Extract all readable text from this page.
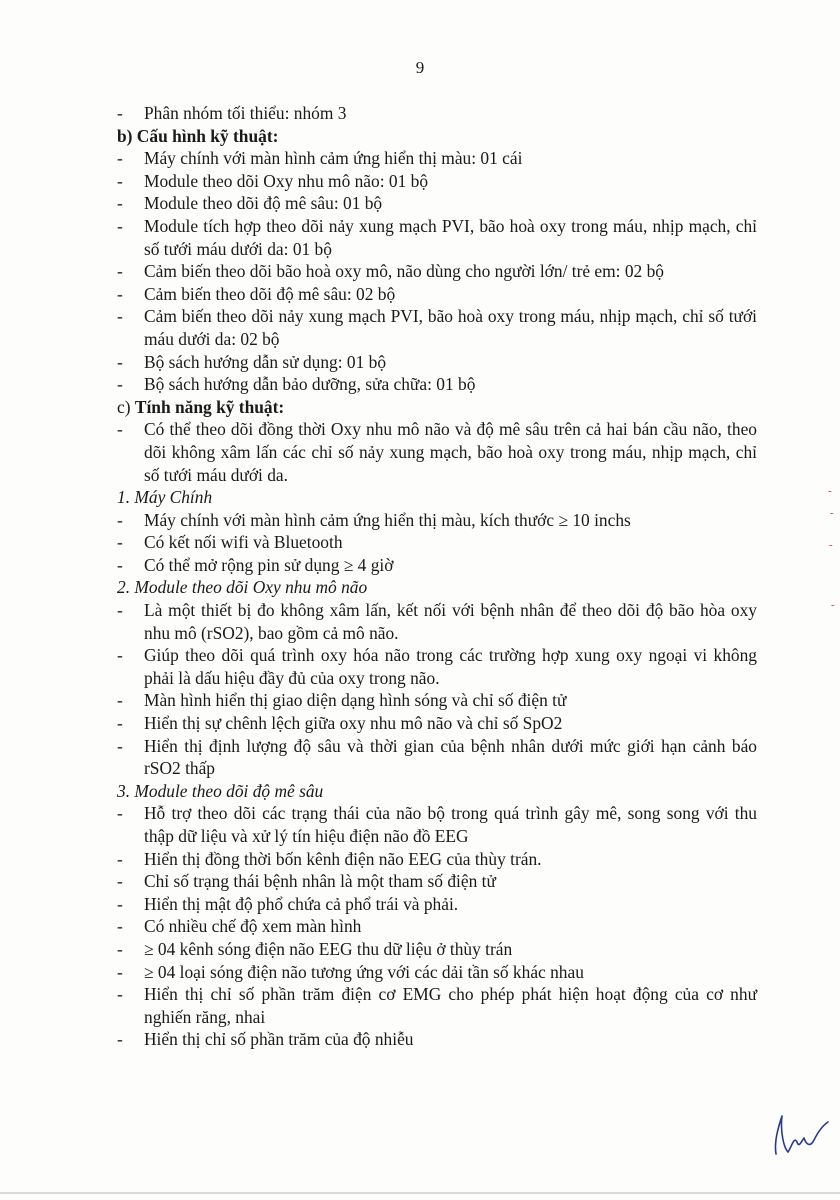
9
-	Phân nhóm tối thiểu: nhóm 3
b) Cấu hình kỹ thuật:
-	Máy chính với màn hình cảm ứng hiển thị màu: 01 cái
-	Module theo dõi Oxy nhu mô não: 01 bộ
-	Module theo dõi độ mê sâu: 01 bộ
-	Module tích hợp theo dõi nảy xung mạch PVI, bão hoà oxy trong máu, nhịp mạch, chỉ số tưới máu dưới da: 01 bộ
-	Cảm biến theo dõi bão hoà oxy mô, não dùng cho người lớn/ trẻ em: 02 bộ
-	Cảm biến theo dõi độ mê sâu: 02 bộ
-	Cảm biến theo dõi nảy xung mạch PVI, bão hoà oxy trong máu, nhịp mạch, chỉ số tưới máu dưới da: 02 bộ
-	Bộ sách hướng dẫn sử dụng: 01 bộ
-	Bộ sách hướng dẫn bảo dưỡng, sửa chữa: 01 bộ
c) Tính năng kỹ thuật:
-	Có thể theo dõi đồng thời Oxy nhu mô não và độ mê sâu trên cả hai bán cầu não, theo dõi không xâm lấn các chỉ số nảy xung mạch, bão hoà oxy trong máu, nhịp mạch, chỉ số tưới máu dưới da.
1. Máy Chính
-	Máy chính với màn hình cảm ứng hiển thị màu, kích thước ≥ 10 inchs
-	Có kết nối wifi và Bluetooth
-	Có thể mở rộng pin sử dụng ≥ 4 giờ
2. Module theo dõi Oxy nhu mô não
-	Là một thiết bị đo không xâm lấn, kết nối với bệnh nhân để theo dõi độ bão hòa oxy nhu mô (rSO2), bao gồm cả mô não.
-	Giúp theo dõi quá trình oxy hóa não trong các trường hợp xung oxy ngoại vi không phải là dấu hiệu đầy đủ của oxy trong não.
-	Màn hình hiển thị giao diện dạng hình sóng và chỉ số điện tử
-	Hiển thị sự chênh lệch giữa oxy nhu mô não và chỉ số SpO2
-	Hiển thị định lượng độ sâu và thời gian của bệnh nhân dưới mức giới hạn cảnh báo rSO2 thấp
3. Module theo dõi độ mê sâu
-	Hỗ trợ theo dõi các trạng thái của não bộ trong quá trình gây mê, song song với thu thập dữ liệu và xử lý tín hiệu điện não đồ EEG
-	Hiển thị đồng thời bốn kênh điện não EEG của thùy trán.
-	Chỉ số trạng thái bệnh nhân là một tham số điện tử
-	Hiển thị mật độ phổ chứa cả phổ trái và phải.
-	Có nhiều chế độ xem màn hình
-	≥ 04 kênh sóng điện não EEG thu dữ liệu ở thùy trán
-	≥ 04 loại sóng điện não tương ứng với các dải tần số khác nhau
-	Hiển thị chỉ số phần trăm điện cơ EMG cho phép phát hiện hoạt động của cơ như nghiến răng, nhai
-	Hiển thị chỉ số phần trăm của độ nhiễu
-
-
-
-
